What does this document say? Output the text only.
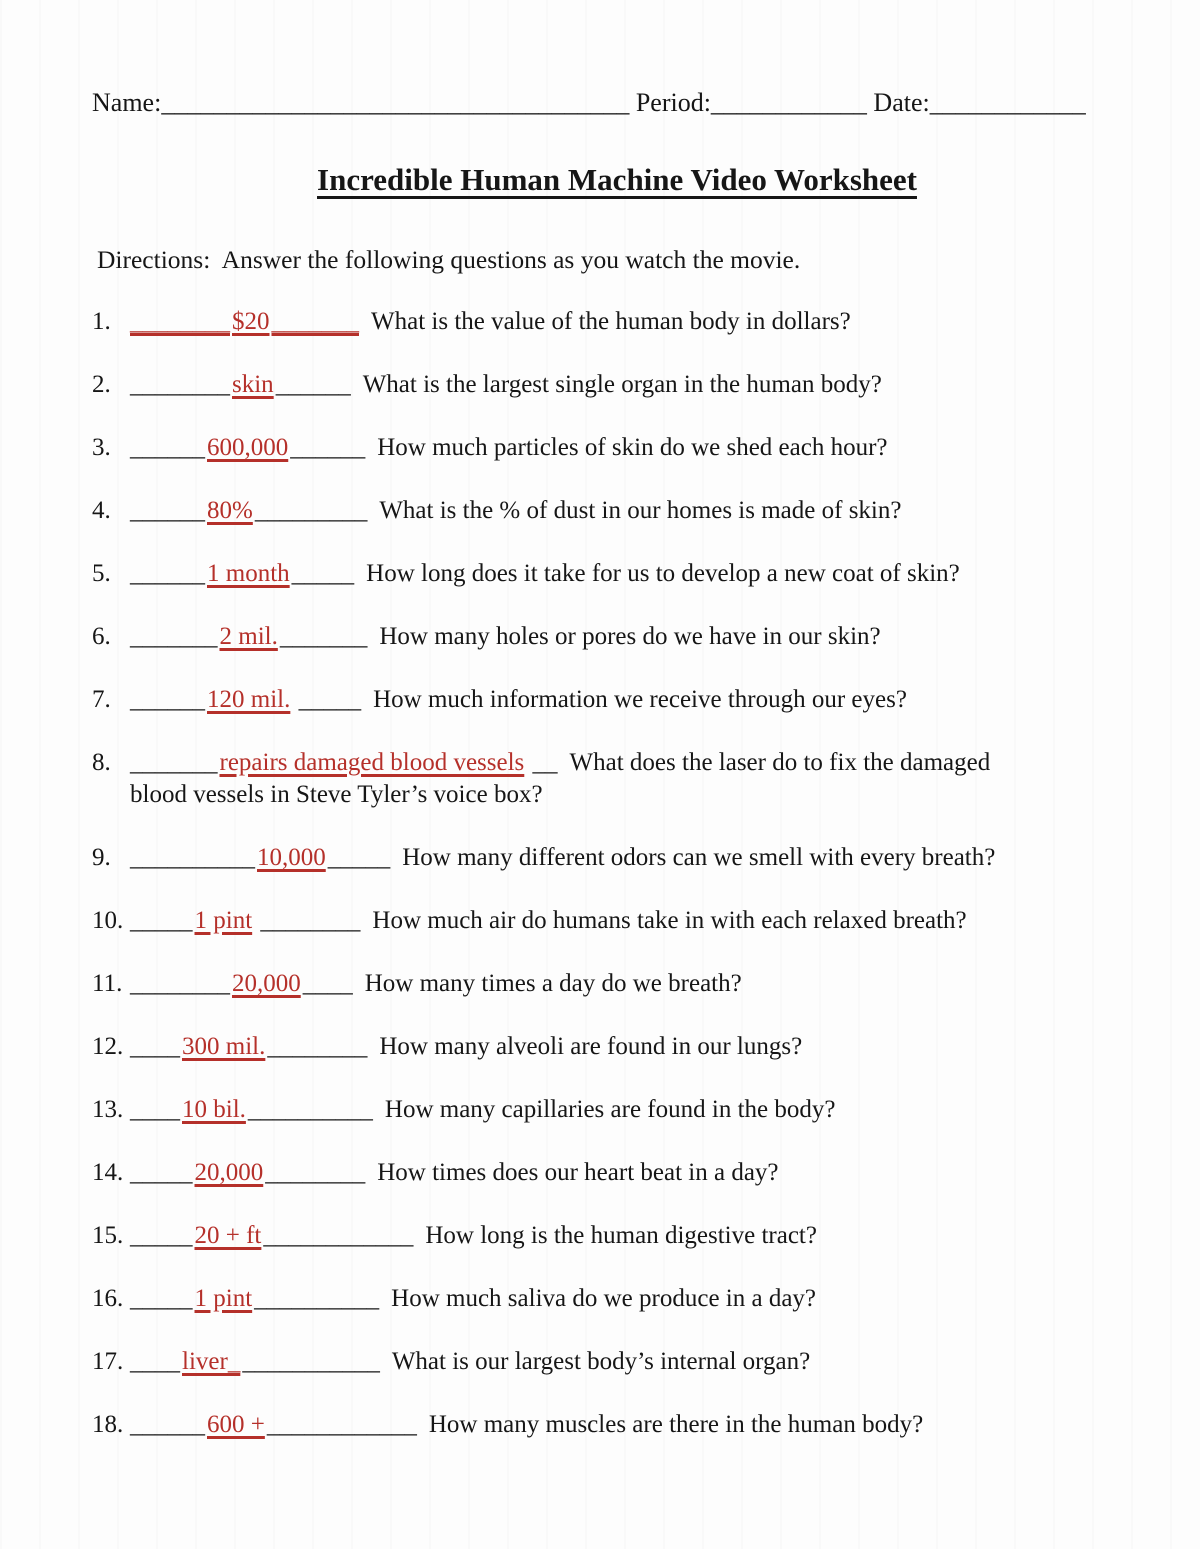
Name:____________________________________ Period:____________ Date:____________
Incredible Human Machine Video Worksheet
Directions:  Answer the following questions as you watch the movie.
1. ________$20_______ What is the value of the human body in dollars?
2. ________skin______ What is the largest single organ in the human body?
3. ______600,000______ How much particles of skin do we shed each hour?
4. ______80%_________ What is the % of dust in our homes is made of skin?
5. ______1 month_____ How long does it take for us to develop a new coat of skin?
6. _______2 mil._______ How many holes or pores do we have in our skin?
7. ______120 mil. _____ How much information we receive through our eyes?
8. _______repairs damaged blood vessels __ What does the laser do to fix the damaged
blood vessels in Steve Tyler’s voice box?
9. __________10,000_____ How many different odors can we smell with every breath?
10. _____1 pint ________ How much air do humans take in with each relaxed breath?
11. ________20,000____ How many times a day do we breath?
12. ____300 mil.________ How many alveoli are found in our lungs?
13. ____10 bil.__________ How many capillaries are found in the body?
14. _____20,000________ How times does our heart beat in a day?
15. _____20 + ft____________ How long is the human digestive tract?
16. _____1 pint__________ How much saliva do we produce in a day?
17. ____liver____________ What is our largest body’s internal organ?
18. ______600 +____________ How many muscles are there in the human body?
